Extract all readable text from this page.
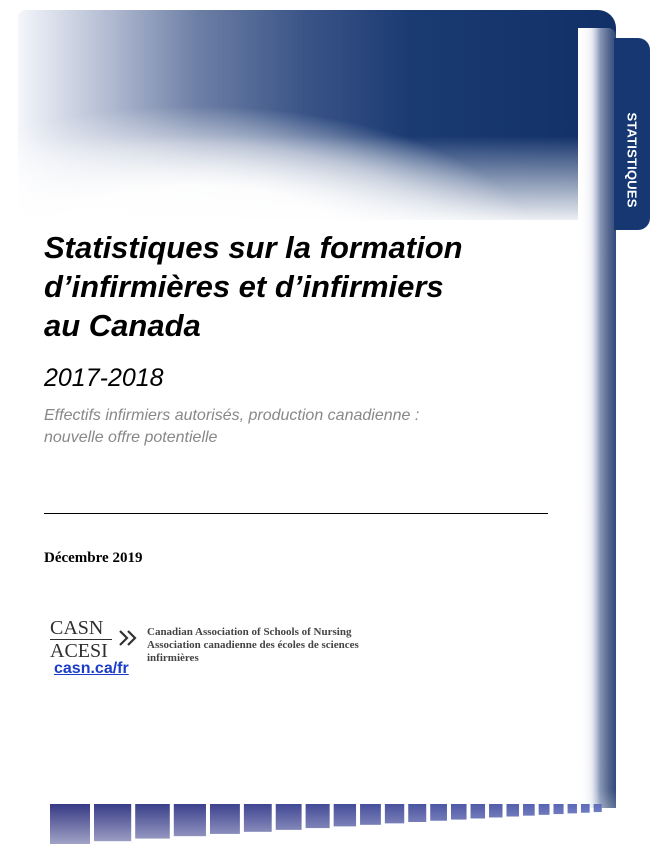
Statistiques sur la formation
d’infirmières et d’infirmiers
au Canada

2017-2018

Effectifs infirmiers autorisés, production canadienne :
nouvelle offre potentielle

Décembre 2019
CASN
ACESI
Canadian Association of Schools of Nursing
Association canadienne des écoles de sciences infirmières
casn.ca/fr
